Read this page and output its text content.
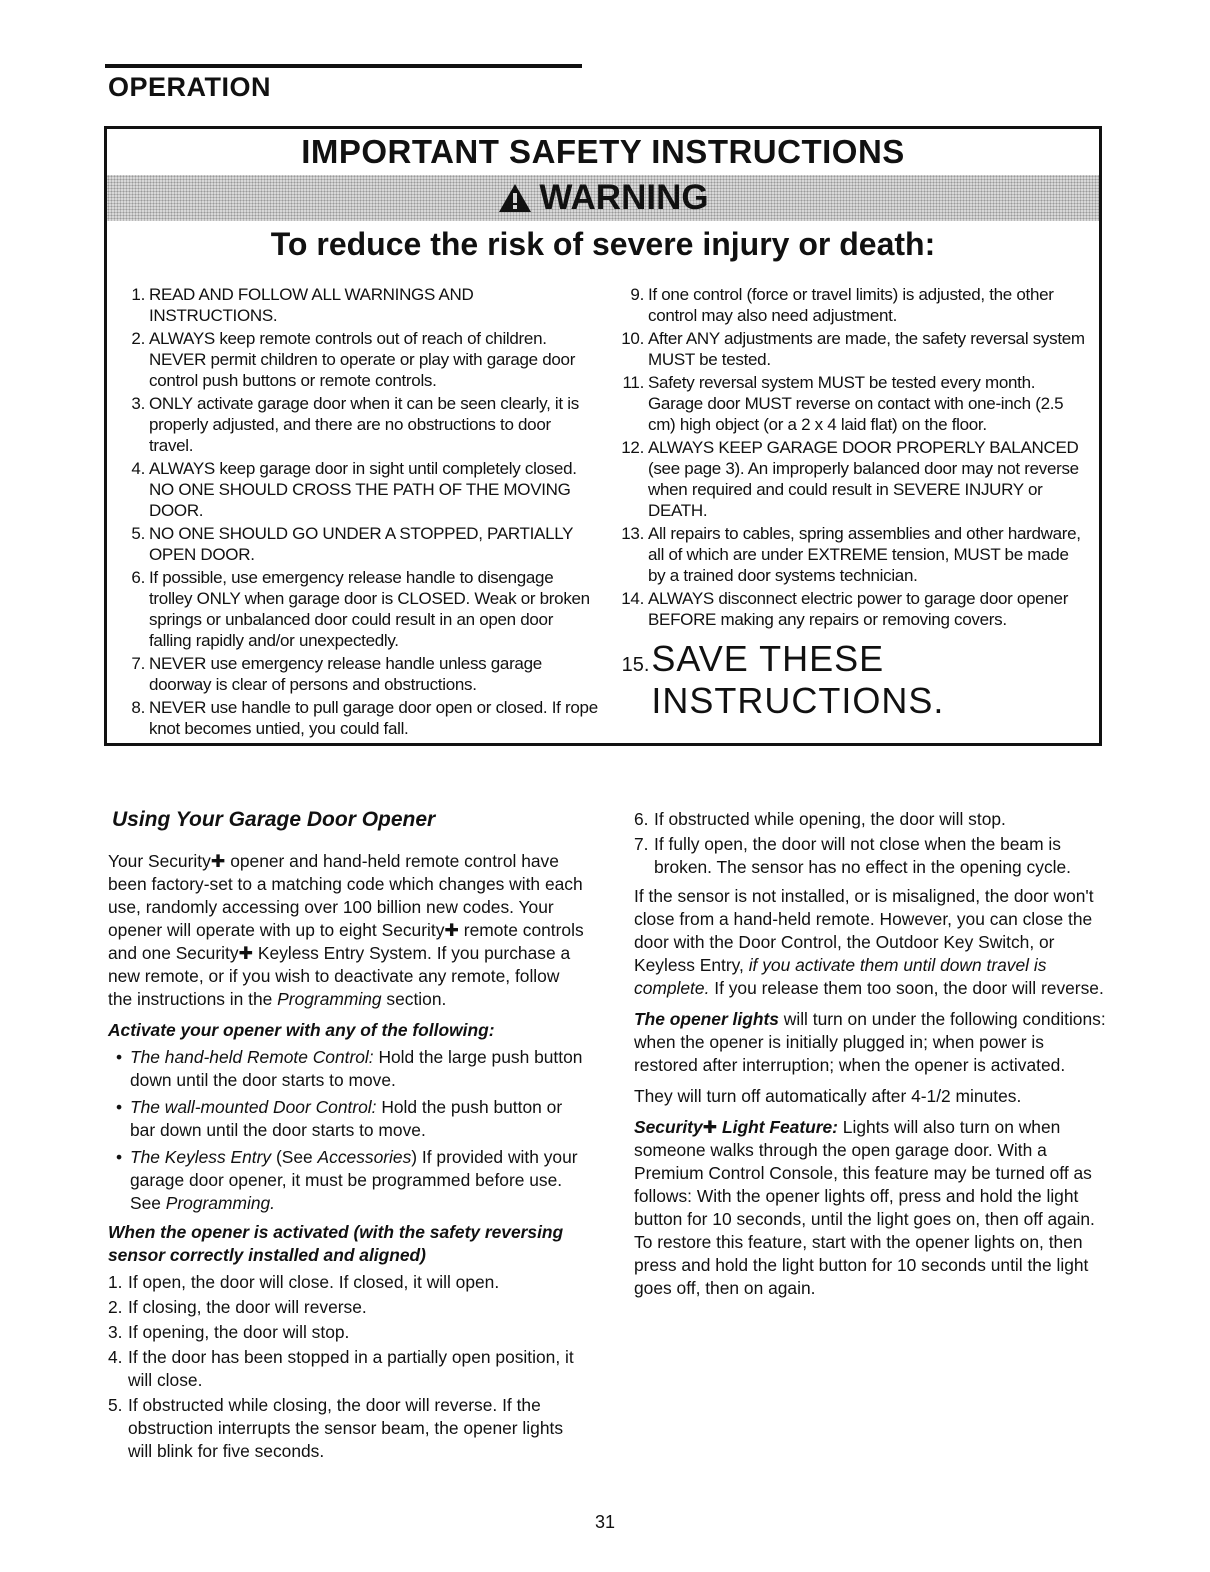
OPERATION
IMPORTANT SAFETY INSTRUCTIONS
WARNING
To reduce the risk of severe injury or death:
1. READ AND FOLLOW ALL WARNINGS AND INSTRUCTIONS.
2. ALWAYS keep remote controls out of reach of children. NEVER permit children to operate or play with garage door control push buttons or remote controls.
3. ONLY activate garage door when it can be seen clearly, it is properly adjusted, and there are no obstructions to door travel.
4. ALWAYS keep garage door in sight until completely closed. NO ONE SHOULD CROSS THE PATH OF THE MOVING DOOR.
5. NO ONE SHOULD GO UNDER A STOPPED, PARTIALLY OPEN DOOR.
6. If possible, use emergency release handle to disengage trolley ONLY when garage door is CLOSED. Weak or broken springs or unbalanced door could result in an open door falling rapidly and/or unexpectedly.
7. NEVER use emergency release handle unless garage doorway is clear of persons and obstructions.
8. NEVER use handle to pull garage door open or closed. If rope knot becomes untied, you could fall.
9. If one control (force or travel limits) is adjusted, the other control may also need adjustment.
10. After ANY adjustments are made, the safety reversal system MUST be tested.
11. Safety reversal system MUST be tested every month. Garage door MUST reverse on contact with one-inch (2.5 cm) high object (or a 2 x 4 laid flat) on the floor.
12. ALWAYS KEEP GARAGE DOOR PROPERLY BALANCED (see page 3). An improperly balanced door may not reverse when required and could result in SEVERE INJURY or DEATH.
13. All repairs to cables, spring assemblies and other hardware, all of which are under EXTREME tension, MUST be made by a trained door systems technician.
14. ALWAYS disconnect electric power to garage door opener BEFORE making any repairs or removing covers.
15. SAVE THESE INSTRUCTIONS.
Using Your Garage Door Opener

Your Security✚ opener and hand-held remote control have been factory-set to a matching code which changes with each use, randomly accessing over 100 billion new codes. Your opener will operate with up to eight Security✚ remote controls and one Security✚ Keyless Entry System. If you purchase a new remote, or if you wish to deactivate any remote, follow the instructions in the Programming section.

Activate your opener with any of the following:

• The hand-held Remote Control: Hold the large push button down until the door starts to move.
• The wall-mounted Door Control: Hold the push button or bar down until the door starts to move.
• The Keyless Entry (See Accessories) If provided with your garage door opener, it must be programmed before use. See Programming.

When the opener is activated (with the safety reversing sensor correctly installed and aligned)

1. If open, the door will close. If closed, it will open.
2. If closing, the door will reverse.
3. If opening, the door will stop.
4. If the door has been stopped in a partially open position, it will close.
5. If obstructed while closing, the door will reverse. If the obstruction interrupts the sensor beam, the opener lights will blink for five seconds.
6. If obstructed while opening, the door will stop.
7. If fully open, the door will not close when the beam is broken. The sensor has no effect in the opening cycle.

If the sensor is not installed, or is misaligned, the door won't close from a hand-held remote. However, you can close the door with the Door Control, the Outdoor Key Switch, or Keyless Entry, if you activate them until down travel is complete. If you release them too soon, the door will reverse.

The opener lights will turn on under the following conditions: when the opener is initially plugged in; when power is restored after interruption; when the opener is activated.

They will turn off automatically after 4-1/2 minutes.

Security✚ Light Feature: Lights will also turn on when someone walks through the open garage door. With a Premium Control Console, this feature may be turned off as follows: With the opener lights off, press and hold the light button for 10 seconds, until the light goes on, then off again. To restore this feature, start with the opener lights on, then press and hold the light button for 10 seconds until the light goes off, then on again.

31
